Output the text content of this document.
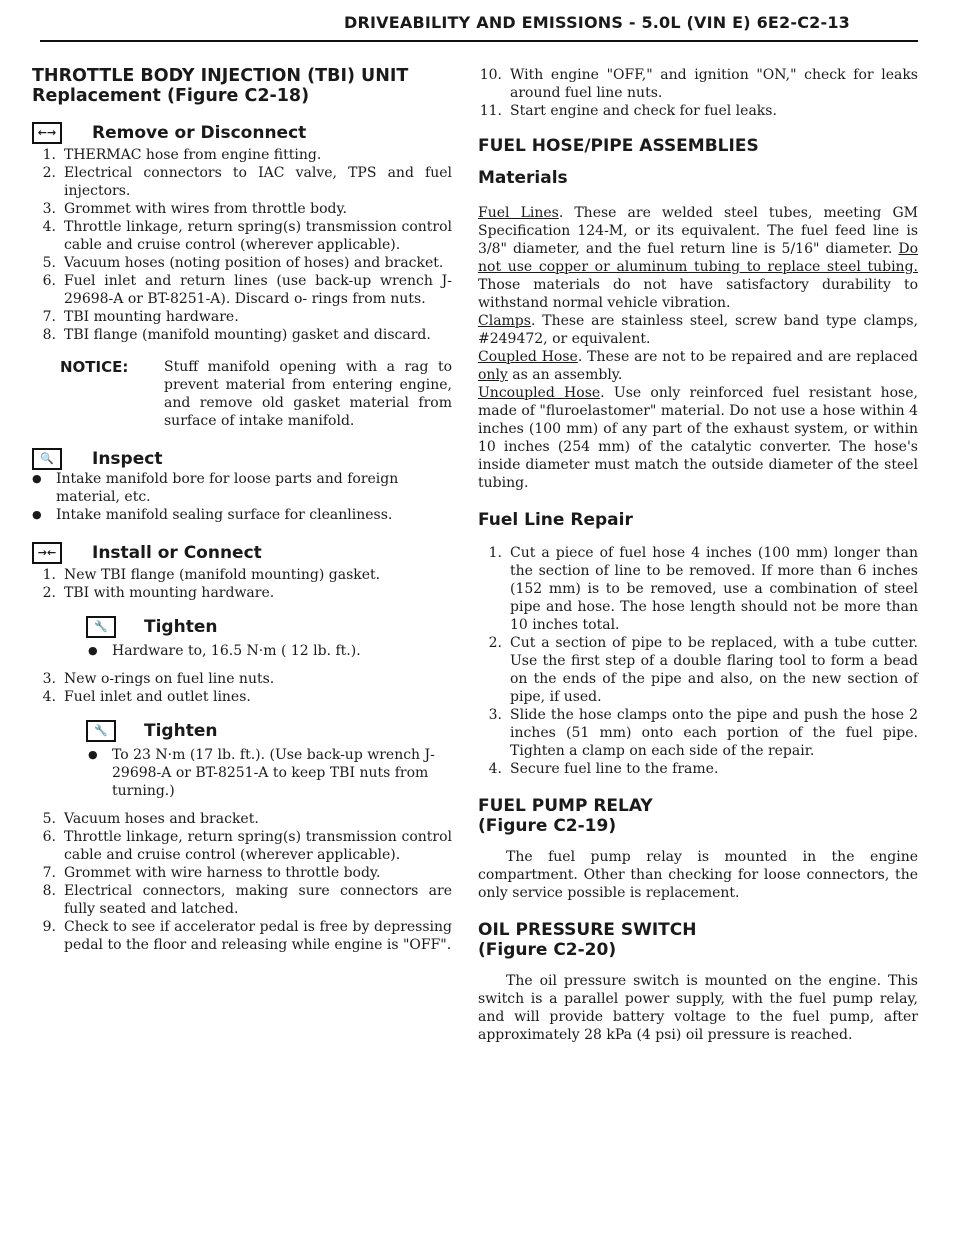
DRIVEABILITY AND EMISSIONS - 5.0L (VIN E) 6E2-C2-13
THROTTLE BODY INJECTION (TBI) UNIT
Replacement (Figure C2-18)
←→	Remove or Disconnect
1. THERMAC hose from engine fitting.
2. Electrical connectors to IAC valve, TPS and fuel injectors.
3. Grommet with wires from throttle body.
4. Throttle linkage, return spring(s) transmission control cable and cruise control (wherever applicable).
5. Vacuum hoses (noting position of hoses) and bracket.
6. Fuel inlet and return lines (use back-up wrench J-29698-A or BT-8251-A). Discard o- rings from nuts.
7. TBI mounting hardware.
8. TBI flange (manifold mounting) gasket and discard.
NOTICE:	Stuff manifold opening with a rag to prevent material from entering engine, and remove old gasket material from surface of intake manifold.
🔍	Inspect
●	Intake manifold bore for loose parts and foreign material, etc.
●	Intake manifold sealing surface for cleanliness.
→←	Install or Connect
1. New TBI flange (manifold mounting) gasket.
2. TBI with mounting hardware.
🔧	Tighten
●	Hardware to, 16.5 N·m ( 12 lb. ft.).
3. New o-rings on fuel line nuts.
4. Fuel inlet and outlet lines.
🔧	Tighten
●	To 23 N·m (17 lb. ft.). (Use back-up wrench J-29698-A or BT-8251-A to keep TBI nuts from turning.)
5. Vacuum hoses and bracket.
6. Throttle linkage, return spring(s) transmission control cable and cruise control (wherever applicable).
7. Grommet with wire harness to throttle body.
8. Electrical connectors, making sure connectors are fully seated and latched.
9. Check to see if accelerator pedal is free by depressing pedal to the floor and releasing while engine is "OFF".
10. With engine "OFF," and ignition "ON," check for leaks around fuel line nuts.
11. Start engine and check for fuel leaks.
FUEL HOSE/PIPE ASSEMBLIES
Materials
Fuel Lines. These are welded steel tubes, meeting GM Specification 124-M, or its equivalent. The fuel feed line is 3/8" diameter, and the fuel return line is 5/16" diameter. Do not use copper or aluminum tubing to replace steel tubing. Those materials do not have satisfactory durability to withstand normal vehicle vibration.
Clamps. These are stainless steel, screw band type clamps, #249472, or equivalent.
Coupled Hose. These are not to be repaired and are replaced only as an assembly.
Uncoupled Hose. Use only reinforced fuel resistant hose, made of "fluroelastomer" material. Do not use a hose within 4 inches (100 mm) of any part of the exhaust system, or within 10 inches (254 mm) of the catalytic converter. The hose's inside diameter must match the outside diameter of the steel tubing.
Fuel Line Repair
1. Cut a piece of fuel hose 4 inches (100 mm) longer than the section of line to be removed. If more than 6 inches (152 mm) is to be removed, use a combination of steel pipe and hose. The hose length should not be more than 10 inches total.
2. Cut a section of pipe to be replaced, with a tube cutter. Use the first step of a double flaring tool to form a bead on the ends of the pipe and also, on the new section of pipe, if used.
3. Slide the hose clamps onto the pipe and push the hose 2 inches (51 mm) onto each portion of the fuel pipe. Tighten a clamp on each side of the repair.
4. Secure fuel line to the frame.
FUEL PUMP RELAY
(Figure C2-19)
The fuel pump relay is mounted in the engine compartment. Other than checking for loose connectors, the only service possible is replacement.
OIL PRESSURE SWITCH
(Figure C2-20)
The oil pressure switch is mounted on the engine. This switch is a parallel power supply, with the fuel pump relay, and will provide battery voltage to the fuel pump, after approximately 28 kPa (4 psi) oil pressure is reached.
